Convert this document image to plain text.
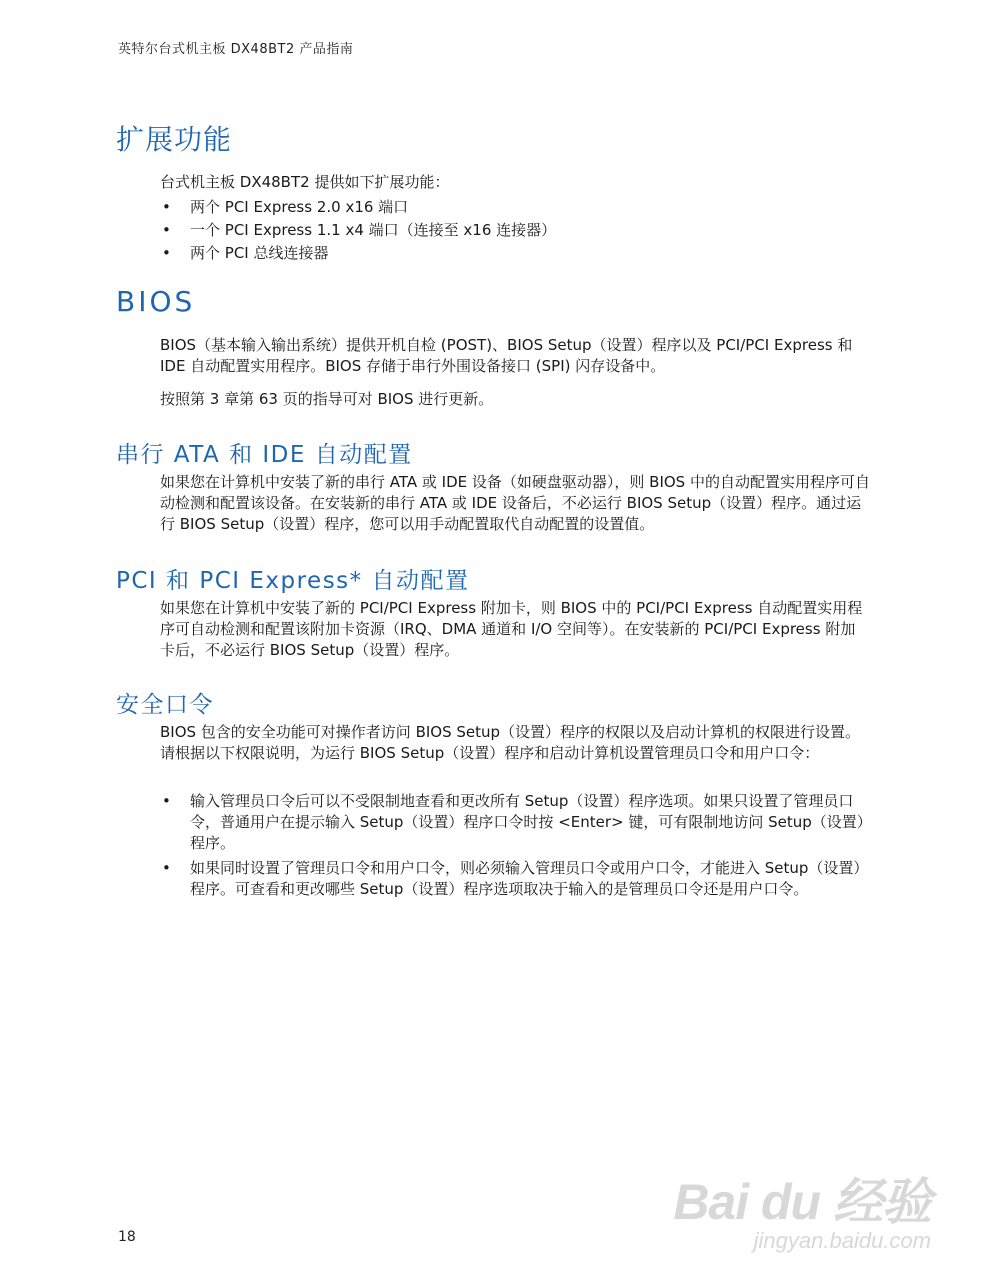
英特尔台式机主板 DX48BT2 产品指南
扩展功能

台式机主板 DX48BT2 提供如下扩展功能：

• 两个 PCI Express 2.0 x16 端口
• 一个 PCI Express 1.1 x4 端口（连接至 x16 连接器）
• 两个 PCI 总线连接器
BIOS

BIOS（基本输入输出系统）提供开机自检 (POST)、BIOS Setup（设置）程序以及 PCI/PCI Express 和 IDE 自动配置实用程序。BIOS 存储于串行外围设备接口 (SPI) 闪存设备中。

按照第 3 章第 63 页的指导可对 BIOS 进行更新。

串行 ATA 和 IDE 自动配置

如果您在计算机中安装了新的串行 ATA 或 IDE 设备（如硬盘驱动器），则 BIOS 中的自动配置实用程序可自动检测和配置该设备。在安装新的串行 ATA 或 IDE 设备后，不必运行 BIOS Setup（设置）程序。通过运行 BIOS Setup（设置）程序，您可以用手动配置取代自动配置的设置值。

PCI 和 PCI Express* 自动配置

如果您在计算机中安装了新的 PCI/PCI Express 附加卡，则 BIOS 中的 PCI/PCI Express 自动配置实用程序可自动检测和配置该附加卡资源（IRQ、DMA 通道和 I/O 空间等）。在安装新的 PCI/PCI Express 附加卡后，不必运行 BIOS Setup（设置）程序。

安全口令

BIOS 包含的安全功能可对操作者访问 BIOS Setup（设置）程序的权限以及启动计算机的权限进行设置。请根据以下权限说明，为运行 BIOS Setup（设置）程序和启动计算机设置管理员口令和用户口令：

• 输入管理员口令后可以不受限制地查看和更改所有 Setup（设置）程序选项。如果只设置了管理员口令，普通用户在提示输入 Setup（设置）程序口令时按 <Enter> 键，可有限制地访问 Setup（设置）程序。
• 如果同时设置了管理员口令和用户口令，则必须输入管理员口令或用户口令，才能进入 Setup（设置）程序。可查看和更改哪些 Setup（设置）程序选项取决于输入的是管理员口令还是用户口令。
18
Bai du 经验
jingyan.baidu.com
